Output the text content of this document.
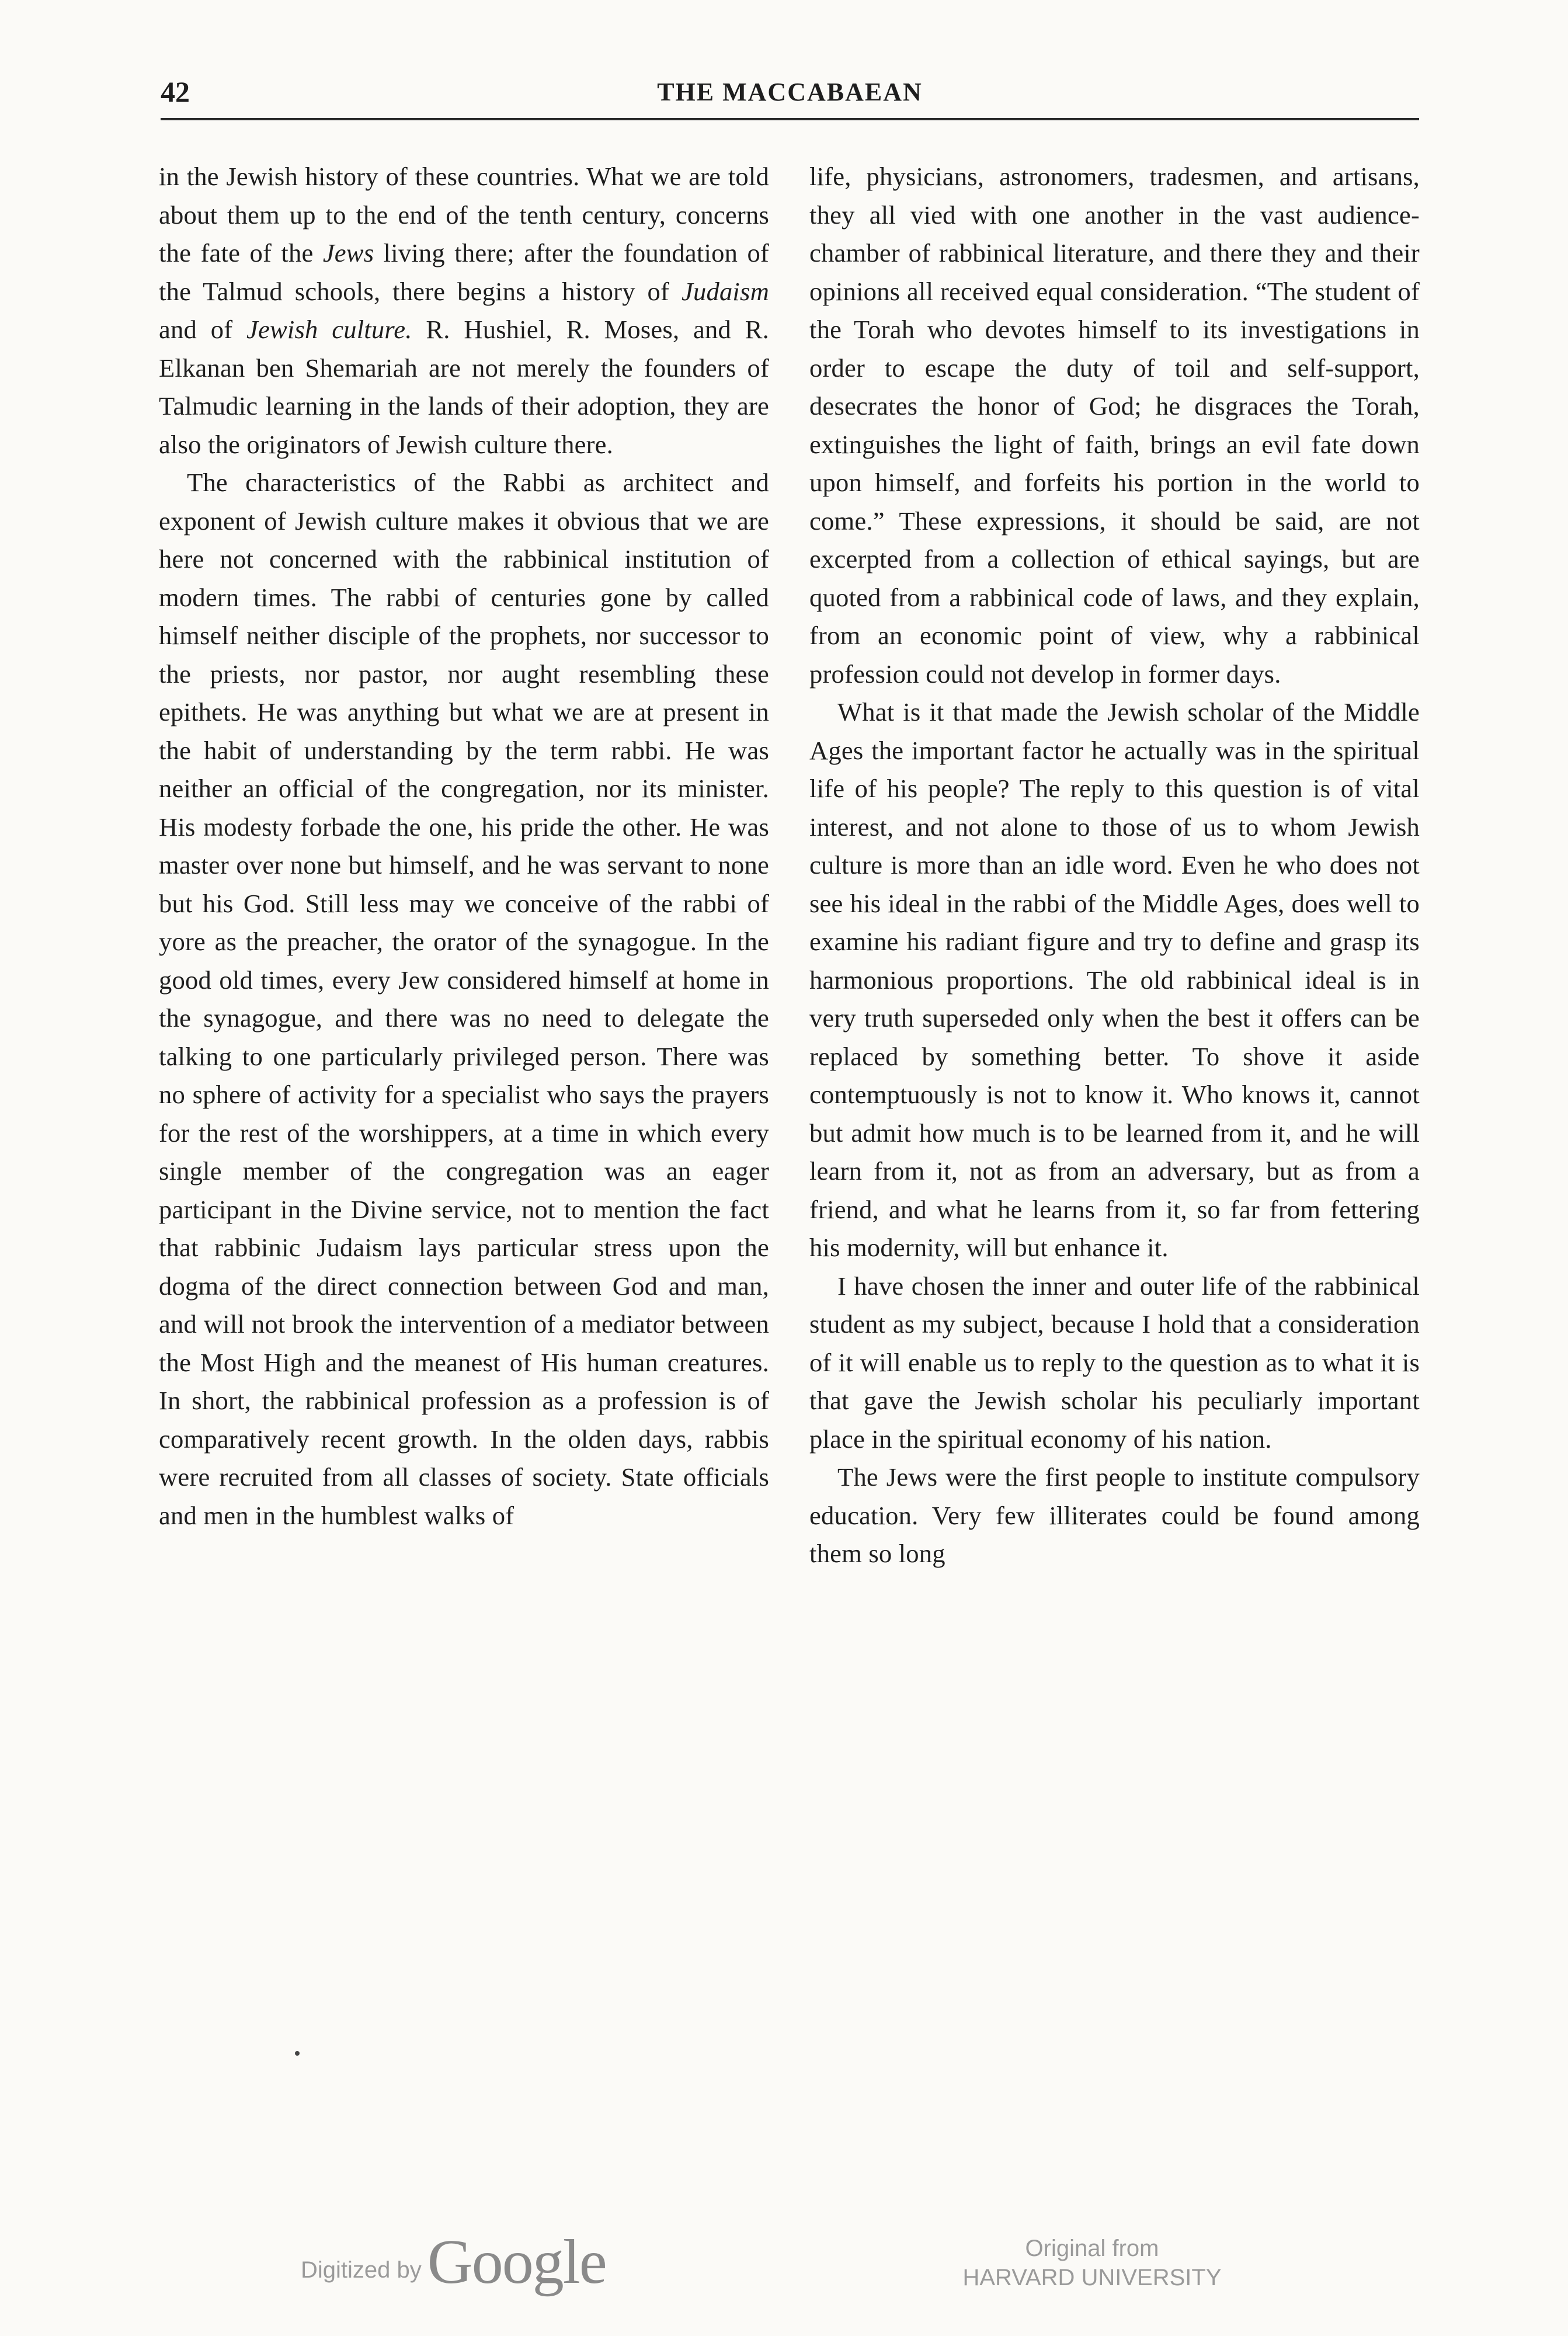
42	THE MACCABAEAN

in the Jewish history of these countries. What we are told about them up to the end of the tenth century, concerns the fate of the Jews living there; after the foundation of the Talmud schools, there begins a history of Judaism and of Jewish culture. R. Hushiel, R. Moses, and R. Elkanan ben Shemariah are not merely the founders of Talmudic learning in the lands of their adoption, they are also the originators of Jewish culture there.

The characteristics of the Rabbi as architect and exponent of Jewish culture makes it obvious that we are here not concerned with the rabbinical institution of modern times. The rabbi of centuries gone by called himself neither disciple of the prophets, nor successor to the priests, nor pastor, nor aught resembling these epithets. He was anything but what we are at present in the habit of understanding by the term rabbi. He was neither an official of the congregation, nor its minister. His modesty forbade the one, his pride the other. He was master over none but himself, and he was servant to none but his God. Still less may we conceive of the rabbi of yore as the preacher, the orator of the synagogue. In the good old times, every Jew considered himself at home in the synagogue, and there was no need to delegate the talking to one particularly privileged person. There was no sphere of activity for a specialist who says the prayers for the rest of the worshippers, at a time in which every single member of the congregation was an eager participant in the Divine service, not to mention the fact that rabbinic Judaism lays particular stress upon the dogma of the direct connection between God and man, and will not brook the intervention of a mediator between the Most High and the meanest of His human creatures. In short, the rabbinical profession as a profession is of comparatively recent growth. In the olden days, rabbis were recruited from all classes of society. State officials and men in the humblest walks of

life, physicians, astronomers, tradesmen, and artisans, they all vied with one another in the vast audience-chamber of rabbinical literature, and there they and their opinions all received equal consideration. “The student of the Torah who devotes himself to its investigations in order to escape the duty of toil and self-support, desecrates the honor of God; he disgraces the Torah, extinguishes the light of faith, brings an evil fate down upon himself, and forfeits his portion in the world to come.” These expressions, it should be said, are not excerpted from a collection of ethical sayings, but are quoted from a rabbinical code of laws, and they explain, from an economic point of view, why a rabbinical profession could not develop in former days.

What is it that made the Jewish scholar of the Middle Ages the important factor he actually was in the spiritual life of his people? The reply to this question is of vital interest, and not alone to those of us to whom Jewish culture is more than an idle word. Even he who does not see his ideal in the rabbi of the Middle Ages, does well to examine his radiant figure and try to define and grasp its harmonious proportions. The old rabbinical ideal is in very truth superseded only when the best it offers can be replaced by something better. To shove it aside contemptuously is not to know it. Who knows it, cannot but admit how much is to be learned from it, and he will learn from it, not as from an adversary, but as from a friend, and what he learns from it, so far from fettering his modernity, will but enhance it.

I have chosen the inner and outer life of the rabbinical student as my subject, because I hold that a consideration of it will enable us to reply to the question as to what it is that gave the Jewish scholar his peculiarly important place in the spiritual economy of his nation.

The Jews were the first people to institute compulsory education. Very few illiterates could be found among them so long

Digitized by Google	Original from
HARVARD UNIVERSITY
